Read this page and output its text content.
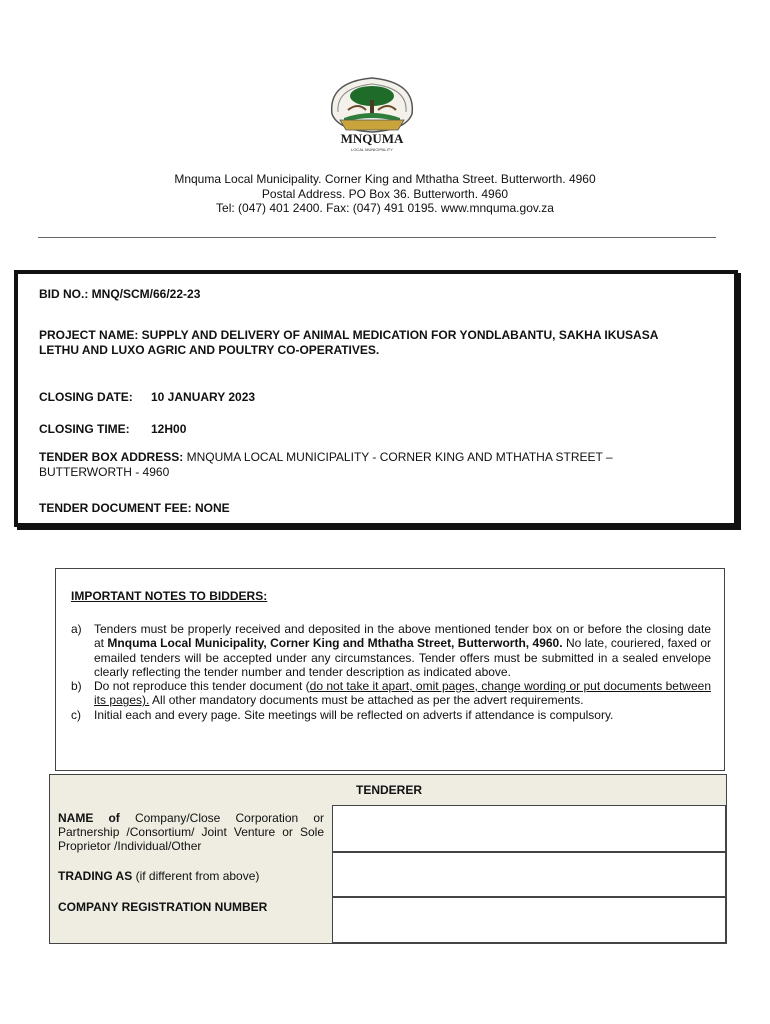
MNQUMA
LOCAL MUNICIPALITY
Mnquma Local Municipality. Corner King and Mthatha Street. Butterworth. 4960
Postal Address. PO Box 36. Butterworth. 4960
Tel: (047) 401 2400. Fax: (047) 491 0195. www.mnquma.gov.za
BID NO.: MNQ/SCM/66/22-23
PROJECT NAME: SUPPLY AND DELIVERY OF ANIMAL MEDICATION FOR YONDLABANTU, SAKHA IKUSASA
LETHU AND LUXO AGRIC AND POULTRY CO-OPERATIVES.
CLOSING DATE: 10 JANUARY 2023
CLOSING TIME: 12H00
TENDER BOX ADDRESS: MNQUMA LOCAL MUNICIPALITY - CORNER KING AND MTHATHA STREET –
BUTTERWORTH - 4960
TENDER DOCUMENT FEE: NONE
IMPORTANT NOTES TO BIDDERS:
a) Tenders must be properly received and deposited in the above mentioned tender box on or before the closing date at Mnquma Local Municipality, Corner King and Mthatha Street, Butterworth, 4960. No late, couriered, faxed or emailed tenders will be accepted under any circumstances. Tender offers must be submitted in a sealed envelope clearly reflecting the tender number and tender description as indicated above.
b) Do not reproduce this tender document (do not take it apart, omit pages, change wording or put documents between its pages). All other mandatory documents must be attached as per the advert requirements.
c) Initial each and every page. Site meetings will be reflected on adverts if attendance is compulsory.
TENDERER
NAME of Company/Close Corporation or Partnership /Consortium/ Joint Venture or Sole Proprietor /Individual/Other
TRADING AS (if different from above)
COMPANY REGISTRATION NUMBER
